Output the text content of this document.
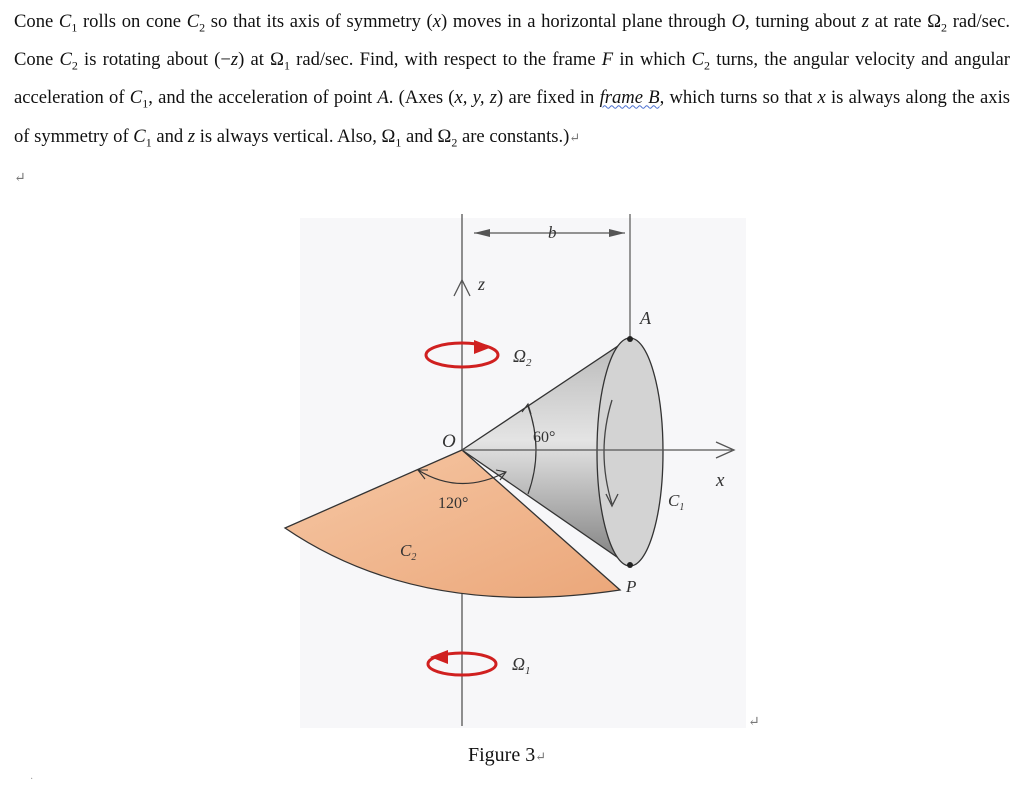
Cone $C_1$ rolls on cone $C_2$ so that its axis of symmetry (x) moves in a horizontal plane through O, turning about z at rate $\Omega_2$ rad/sec. Cone $C_2$ is rotating about (−z) at $\Omega_1$ rad/sec. Find, with respect to the frame F in which $C_2$ turns, the angular velocity and angular acceleration of $C_1$, and the acceleration of point A. (Axes (x, y, z) are fixed in frame B, which turns so that x is always along the axis of symmetry of $C_1$ and z is always vertical. Also, $\Omega_1$ and $\Omega_2$ are constants.)↵

↵
z
b
A
$\Omega_2$
O	60°
x
120°	$C_1$
$C_2$
P
$\Omega_1$

Figure 3↵

↵
·
